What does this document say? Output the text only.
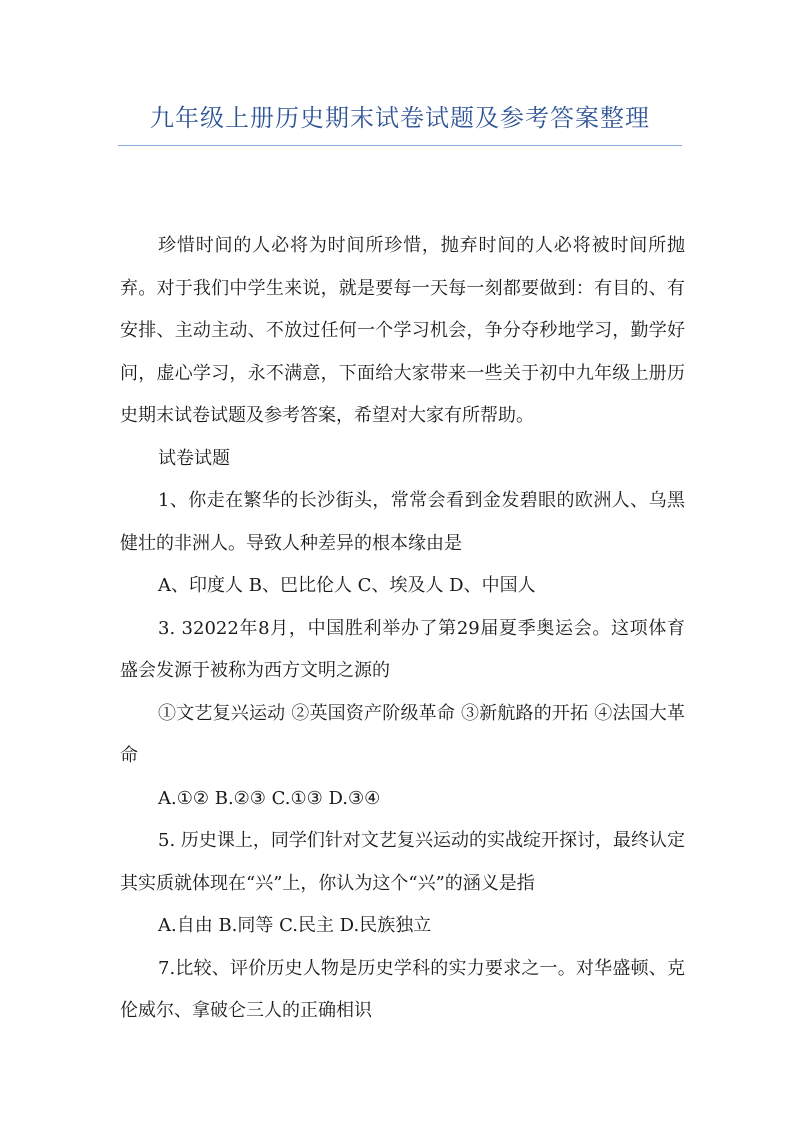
九年级上册历史期末试卷试题及参考答案整理

珍惜时间的人必将为时间所珍惜，抛弃时间的人必将被时间所抛弃。对于我们中学生来说，就是要每一天每一刻都要做到：有目的、有安排、主动主动、不放过任何一个学习机会，争分夺秒地学习，勤学好问，虚心学习，永不满意，下面给大家带来一些关于初中九年级上册历史期末试卷试题及参考答案，希望对大家有所帮助。

试卷试题

1、你走在繁华的长沙街头，常常会看到金发碧眼的欧洲人、乌黑健壮的非洲人。导致人种差异的根本缘由是

A、印度人 B、巴比伦人 C、埃及人 D、中国人

3. 32022年8月，中国胜利举办了第29届夏季奥运会。这项体育盛会发源于被称为西方文明之源的

①文艺复兴运动 ②英国资产阶级革命 ③新航路的开拓 ④法国大革命

A.①② B.②③ C.①③ D.③④

5. 历史课上，同学们针对文艺复兴运动的实战绽开探讨，最终认定其实质就体现在“兴”上，你认为这个“兴”的涵义是指

A.自由 B.同等 C.民主 D.民族独立

7.比较、评价历史人物是历史学科的实力要求之一。对华盛顿、克伦威尔、拿破仑三人的正确相识
